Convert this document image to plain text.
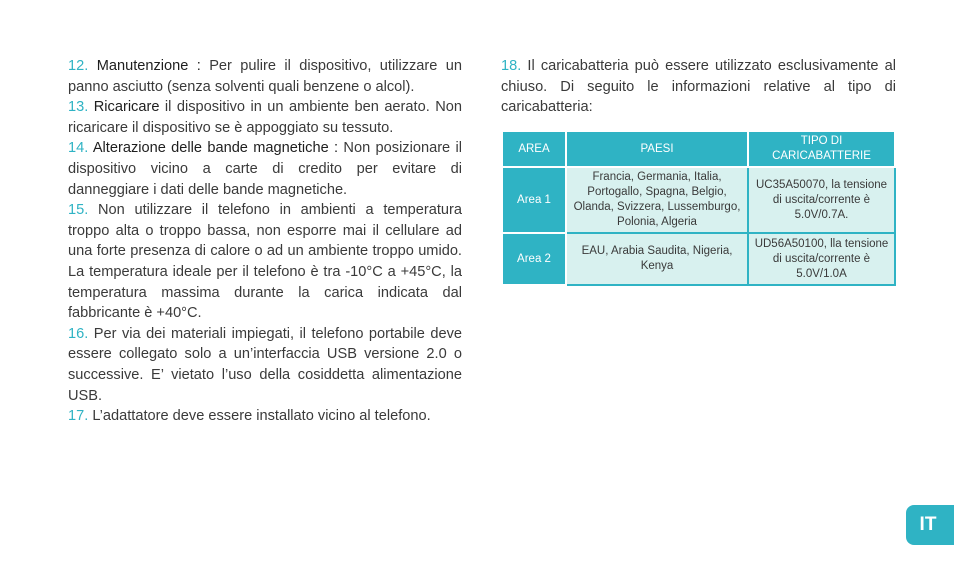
12. Manutenzione : Per pulire il dispositivo, utilizzare un panno asciutto (senza solventi quali benzene o alcol).

13. Ricaricare il dispositivo in un ambiente ben aerato. Non ricaricare il dispositivo se è appoggiato su tessuto.

14. Alterazione delle bande magnetiche : Non posizionare il dispositivo vicino a carte di credito per evitare di danneggiare i dati delle bande magnetiche.

15. Non utilizzare il telefono in ambienti a temperatura troppo alta o troppo bassa, non esporre mai il cellulare ad una forte presenza di calore o ad un ambiente troppo umido. La temperatura ideale per il telefono è tra -10°C a +45°C, la temperatura massima durante la carica indicata dal fabbricante è +40°C.

16. Per via dei materiali impiegati, il telefono portabile deve essere collegato solo a un’interfaccia USB versione 2.0 o successive. E’ vietato l’uso della cosiddetta alimentazione USB.

17. L’adattatore deve essere installato vicino al telefono.

18. Il caricabatteria può essere utilizzato esclusivamente al chiuso. Di seguito le informazioni relative al tipo di caricabatteria:

AREA	PAESI	TIPO DI CARICABATTERIE
Area 1	Francia, Germania, Italia, Portogallo, Spagna, Belgio, Olanda, Svizzera, Lussemburgo, Polonia, Algeria	UC35A50070, la tensione di uscita/corrente è 5.0V/0.7A.
Area 2	EAU, Arabia Saudita, Nigeria, Kenya	UD56A50100, lla tensione di uscita/corrente è 5.0V/1.0A
IT
